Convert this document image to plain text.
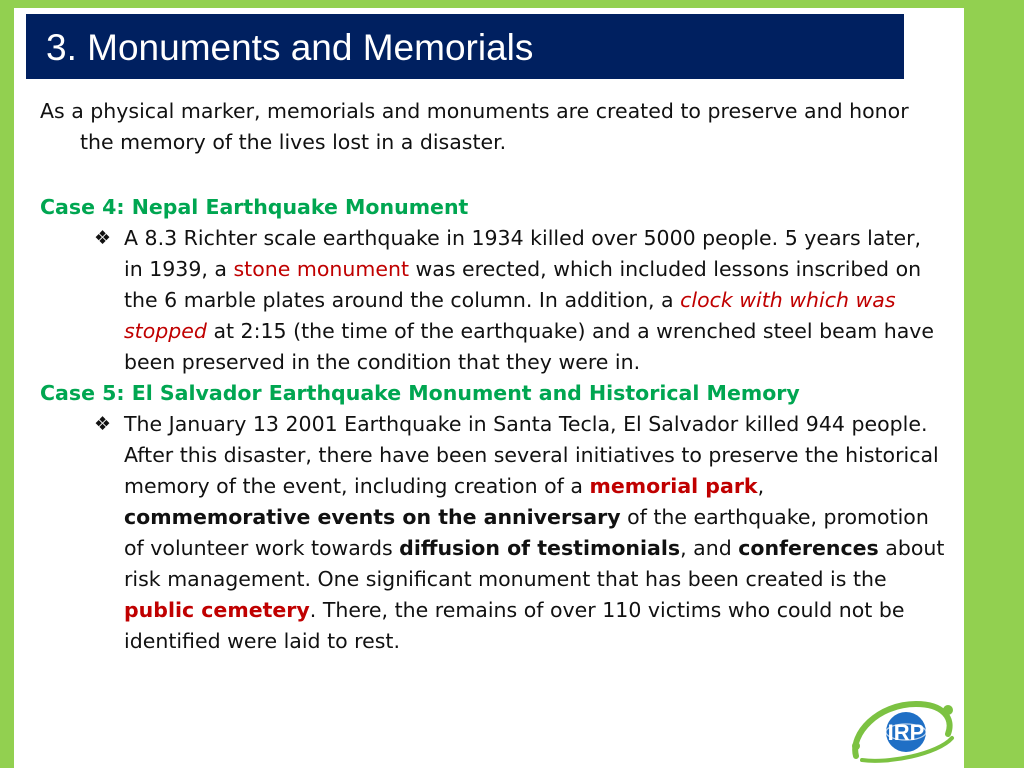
3. Monuments and Memorials

As a physical marker, memorials and monuments are created to preserve and honor the memory of the lives lost in a disaster.

Case 4: Nepal Earthquake Monument

❖ A 8.3 Richter scale earthquake in 1934 killed over 5000 people. 5 years later, in 1939, a stone monument was erected, which included lessons inscribed on the 6 marble plates around the column. In addition, a clock with which was stopped at 2:15 (the time of the earthquake) and a wrenched steel beam have been preserved in the condition that they were in.

Case 5: El Salvador Earthquake Monument and Historical Memory

❖ The January 13 2001 Earthquake in Santa Tecla, El Salvador killed 944 people. After this disaster, there have been several initiatives to preserve the historical memory of the event, including creation of a memorial park, commemorative events on the anniversary of the earthquake, promotion of volunteer work towards diffusion of testimonials, and conferences about risk management. One significant monument that has been created is the public cemetery. There, the remains of over 110 victims who could not be identified were laid to rest.

IRP
